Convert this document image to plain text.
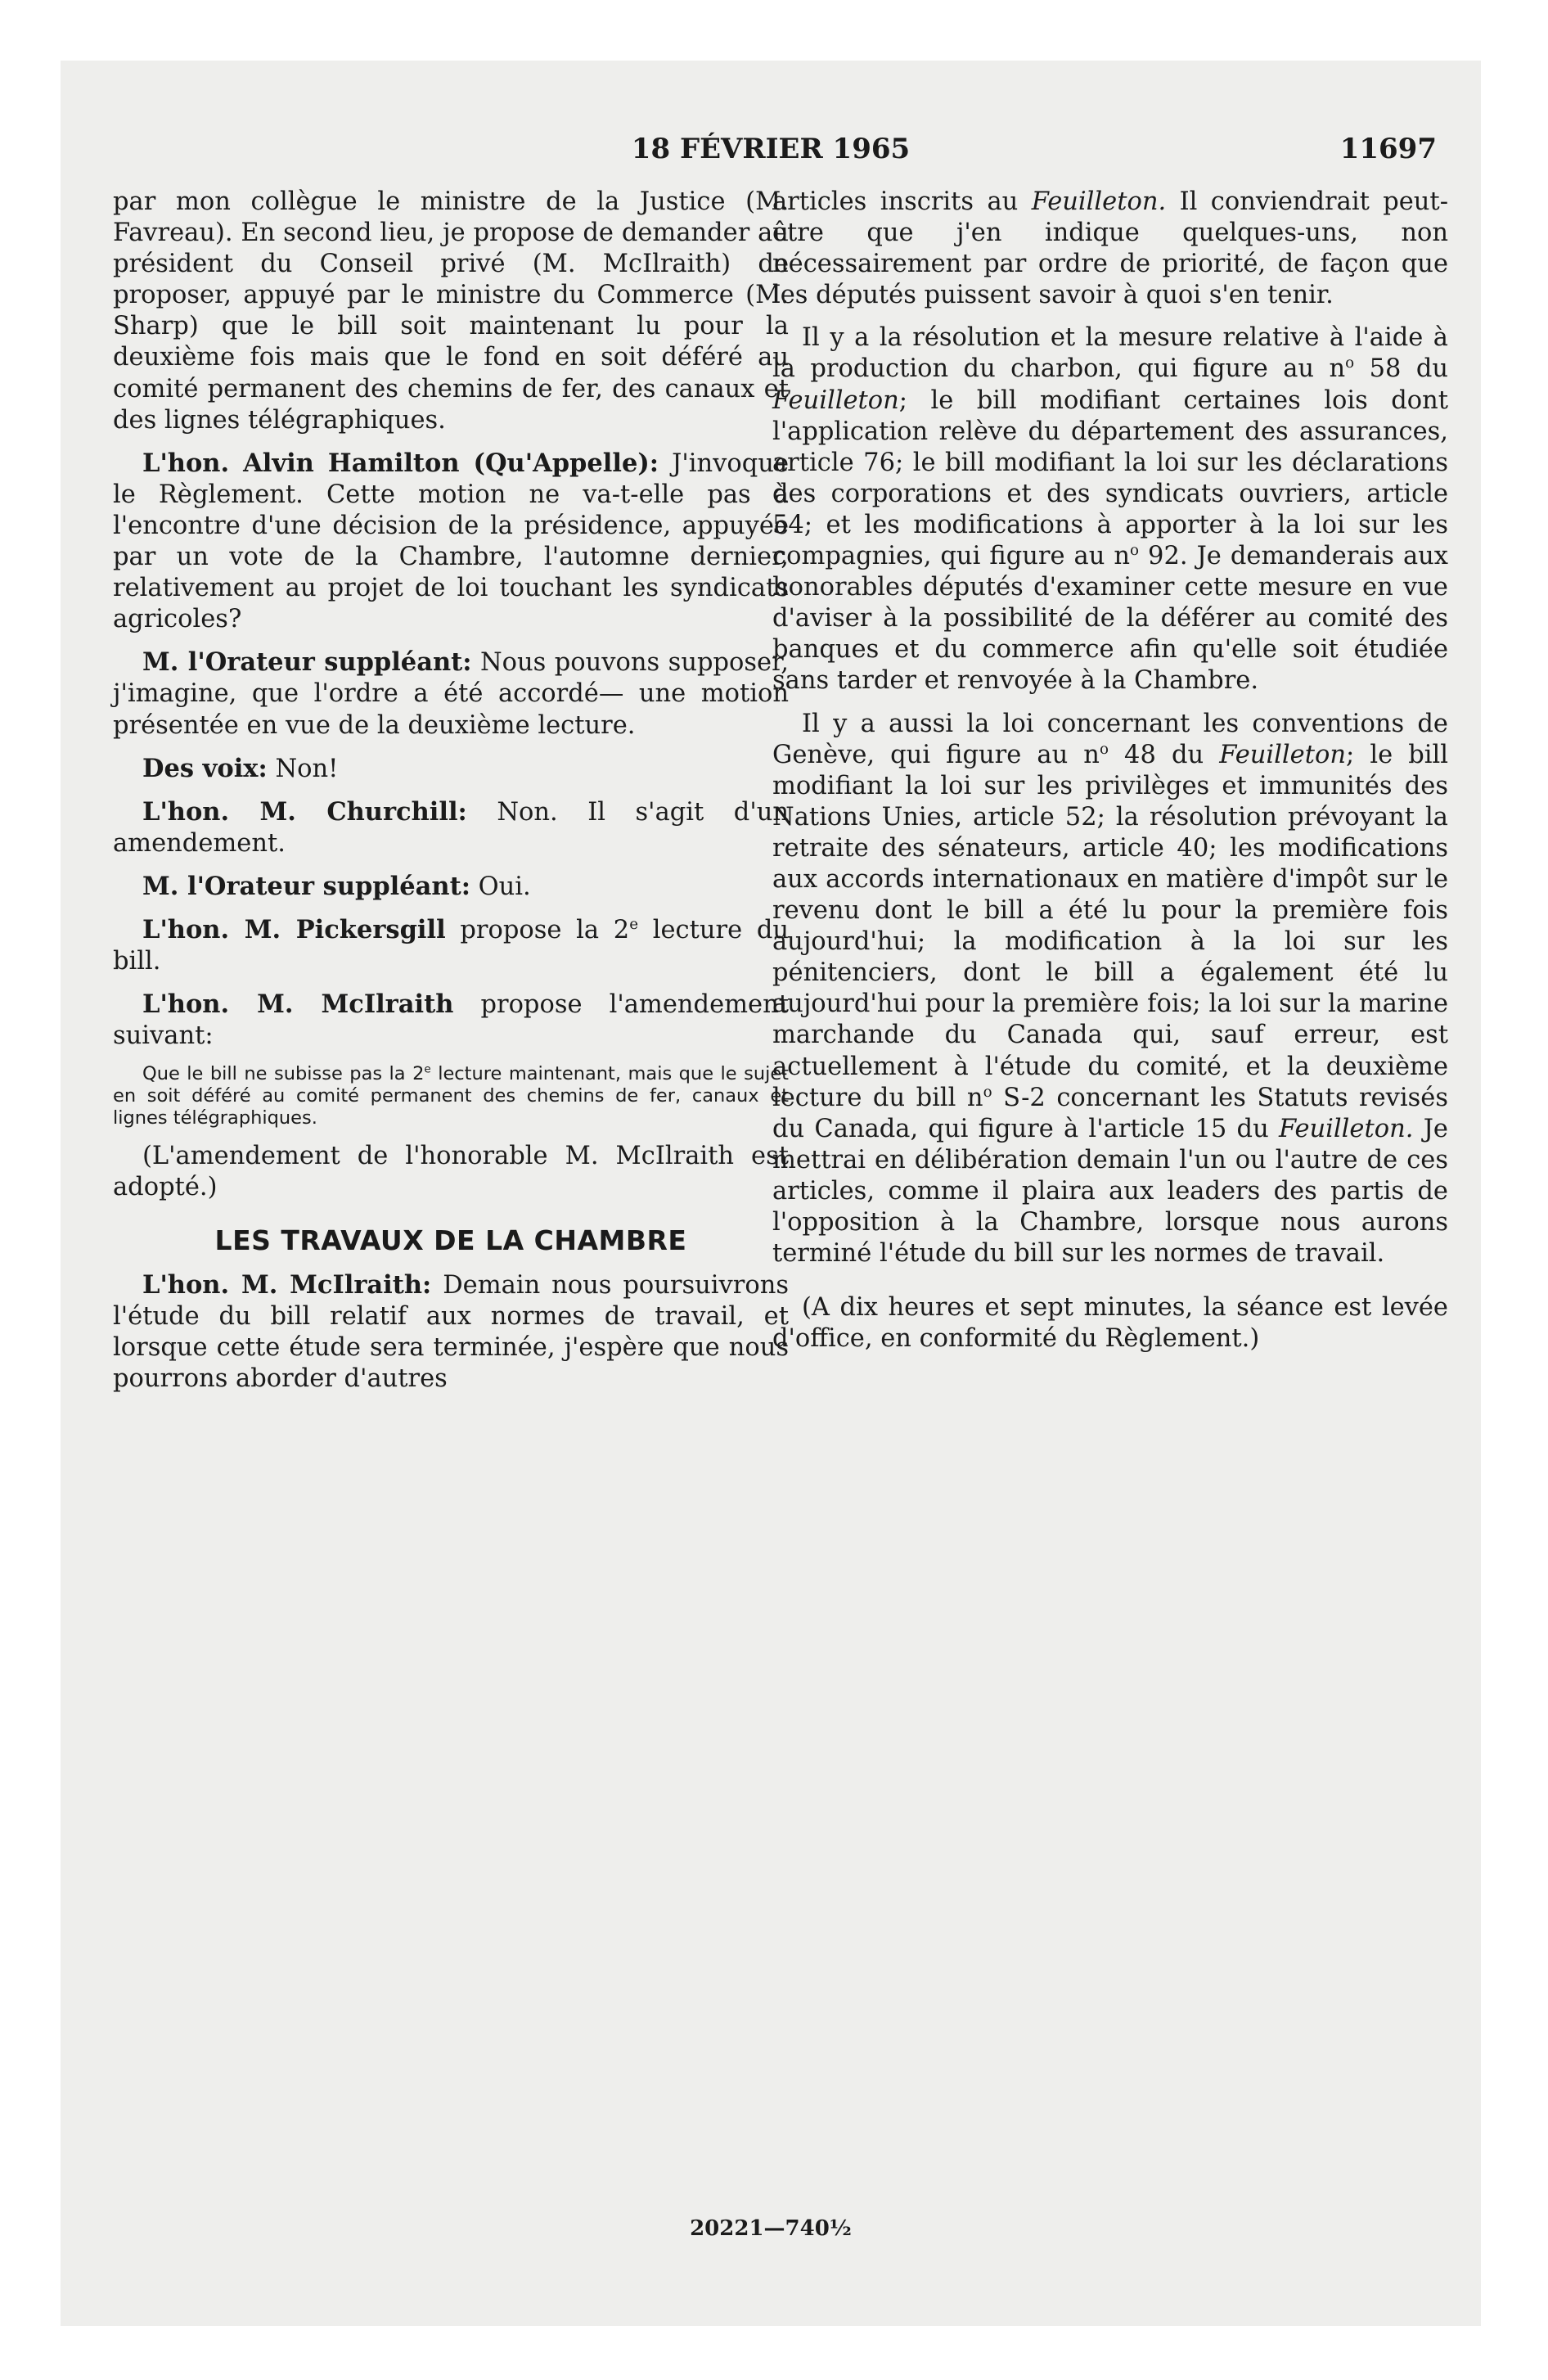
18 FÉVRIER 1965	11697

par mon collègue le ministre de la Justice (M. Favreau). En second lieu, je propose de demander au président du Conseil privé (M. McIlraith) de proposer, appuyé par le ministre du Commerce (M. Sharp) que le bill soit maintenant lu pour la deuxième fois mais que le fond en soit déféré au comité permanent des chemins de fer, des canaux et des lignes télégraphiques.

L'hon. Alvin Hamilton (Qu'Appelle): J'invoque le Règlement. Cette motion ne va-t-elle pas à l'encontre d'une décision de la présidence, appuyée par un vote de la Chambre, l'automne dernier, relativement au projet de loi touchant les syndicats agricoles?

M. l'Orateur suppléant: Nous pouvons supposer, j'imagine, que l'ordre a été accordé— une motion présentée en vue de la deuxième lecture.

Des voix: Non!

L'hon. M. Churchill: Non. Il s'agit d'un amendement.

M. l'Orateur suppléant: Oui.

L'hon. M. Pickersgill propose la 2e lecture du bill.

L'hon. M. McIlraith propose l'amendement suivant:

Que le bill ne subisse pas la 2e lecture maintenant, mais que le sujet en soit déféré au comité permanent des chemins de fer, canaux et lignes télégraphiques.

(L'amendement de l'honorable M. McIlraith est adopté.)

LES TRAVAUX DE LA CHAMBRE

L'hon. M. McIlraith: Demain nous poursuivrons l'étude du bill relatif aux normes de travail, et lorsque cette étude sera terminée, j'espère que nous pourrons aborder d'autres

articles inscrits au Feuilleton. Il conviendrait peut-être que j'en indique quelques-uns, non nécessairement par ordre de priorité, de façon que les députés puissent savoir à quoi s'en tenir.

Il y a la résolution et la mesure relative à l'aide à la production du charbon, qui figure au $n^o$ 58 du Feuilleton; le bill modifiant certaines lois dont l'application relève du département des assurances, article 76; le bill modifiant la loi sur les déclarations des corporations et des syndicats ouvriers, article 54; et les modifications à apporter à la loi sur les compagnies, qui figure au $n^o$ 92. Je demanderais aux honorables députés d'examiner cette mesure en vue d'aviser à la possibilité de la déférer au comité des banques et du commerce afin qu'elle soit étudiée sans tarder et renvoyée à la Chambre.

Il y a aussi la loi concernant les conventions de Genève, qui figure au $n^o$ 48 du Feuilleton; le bill modifiant la loi sur les privilèges et immunités des Nations Unies, article 52; la résolution prévoyant la retraite des sénateurs, article 40; les modifications aux accords internationaux en matière d'impôt sur le revenu dont le bill a été lu pour la première fois aujourd'hui; la modification à la loi sur les pénitenciers, dont le bill a également été lu aujourd'hui pour la première fois; la loi sur la marine marchande du Canada qui, sauf erreur, est actuellement à l'étude du comité, et la deuxième lecture du bill $n^o$ S-2 concernant les Statuts revisés du Canada, qui figure à l'article 15 du Feuilleton. Je mettrai en délibération demain l'un ou l'autre de ces articles, comme il plaira aux leaders des partis de l'opposition à la Chambre, lorsque nous aurons terminé l'étude du bill sur les normes de travail.

(A dix heures et sept minutes, la séance est levée d'office, en conformité du Règlement.)

20221—740½
